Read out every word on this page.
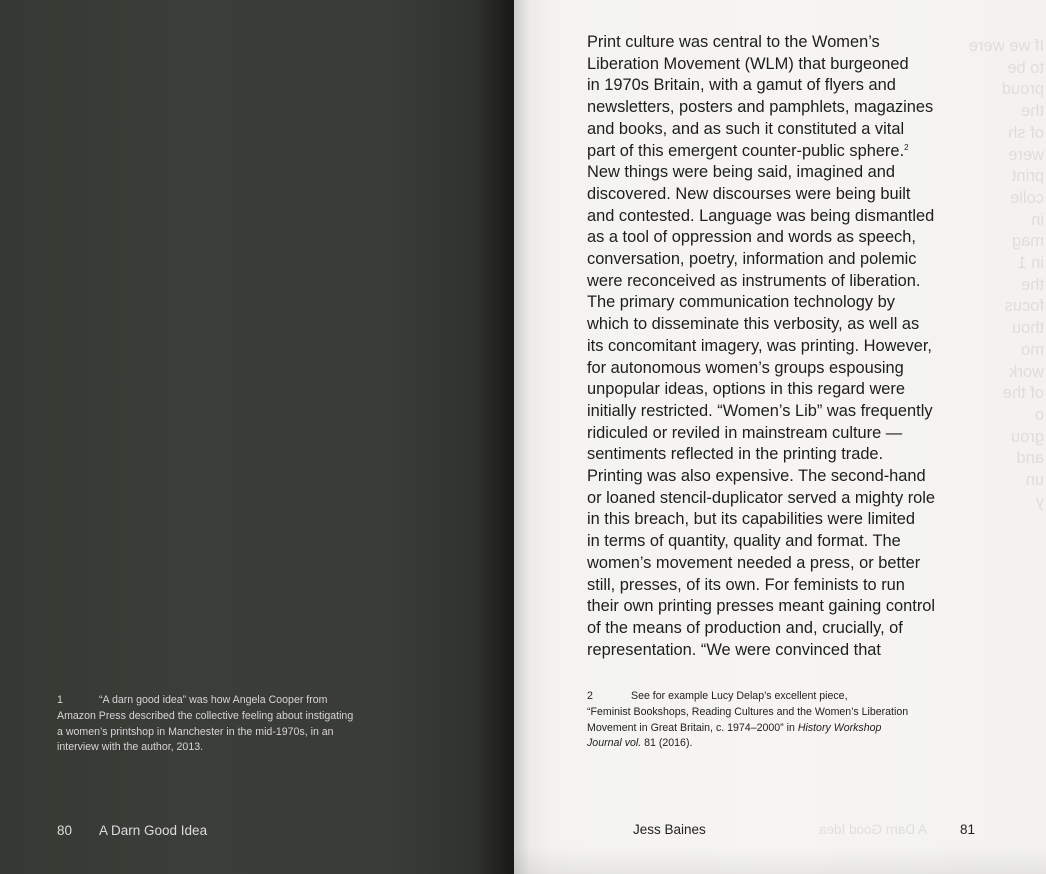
1	“A darn good idea” was how Angela Cooper from
Amazon Press described the collective feeling about instigating
a women’s printshop in Manchester in the mid-1970s, in an
interview with the author, 2013.
80 A Darn Good Idea
If we were
to be
proud
the
of sh
were
print
colle
in
mag
in 1
the
focus
thou
mo
work
of the
o
grou
and
un
y
A Darn Good Idea

Print culture was central to the Women’s
Liberation Movement (WLM) that burgeoned
in 1970s Britain, with a gamut of flyers and
newsletters, posters and pamphlets, magazines
and books, and as such it constituted a vital
part of this emergent counter-public sphere.$^2$
New things were being said, imagined and
discovered. New discourses were being built
and contested. Language was being dismantled
as a tool of oppression and words as speech,
conversation, poetry, information and polemic
were reconceived as instruments of liberation.
The primary communication technology by
which to disseminate this verbosity, as well as
its concomitant imagery, was printing. However,
for autonomous women’s groups espousing
unpopular ideas, options in this regard were
initially restricted. “Women’s Lib” was frequently
ridiculed or reviled in mainstream culture —
sentiments reflected in the printing trade.
Printing was also expensive. The second-hand
or loaned stencil-duplicator served a mighty role
in this breach, but its capabilities were limited
in terms of quantity, quality and format. The
women’s movement needed a press, or better
still, presses, of its own. For feminists to run
their own printing presses meant gaining control
of the means of production and, crucially, of
representation. “We were convinced that

2	See for example Lucy Delap’s excellent piece,
“Feminist Bookshops, Reading Cultures and the Women’s Liberation
Movement in Great Britain, c. 1974–2000” in History Workshop
Journal vol. 81 (2016).
Jess Baines	81
